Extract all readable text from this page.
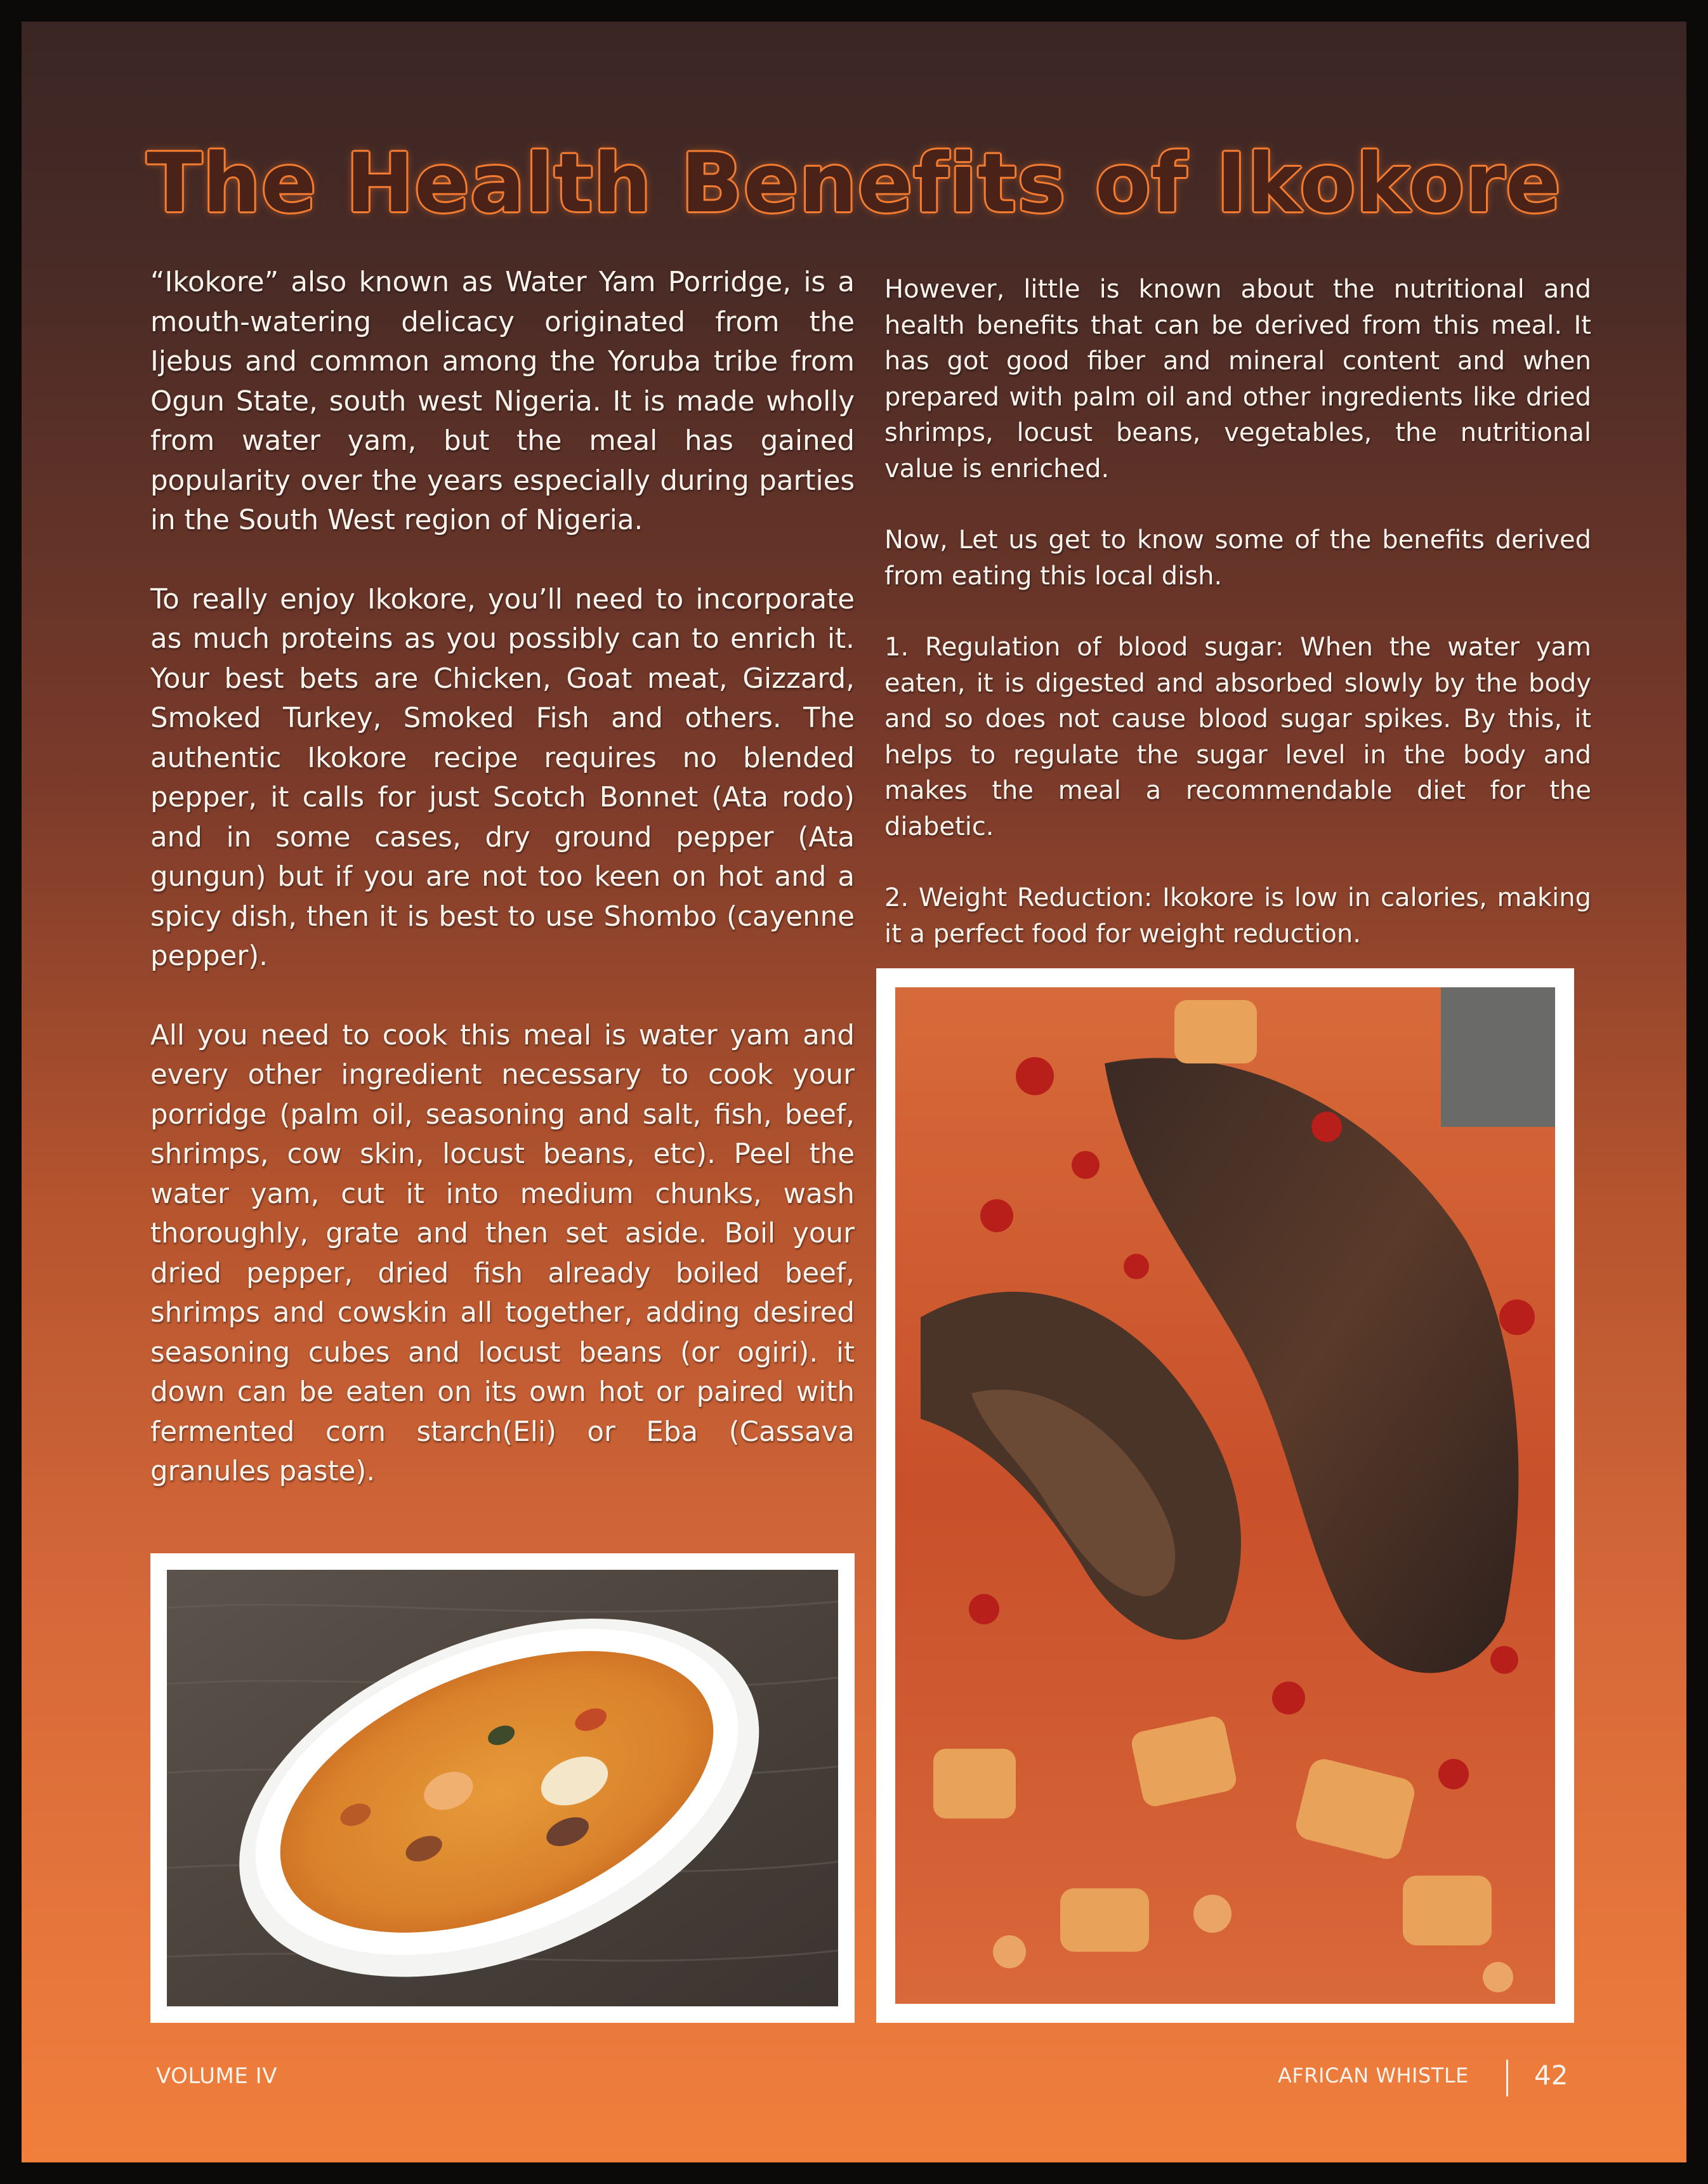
The Health Benefits of Ikokore

“Ikokore” also known as Water Yam Porridge, is a mouth-watering delicacy originated from the Ijebus and common among the Yoruba tribe from Ogun State, south west Nigeria. It is made wholly from water yam, but the meal has gained popularity over the years especially during parties in the South West region of Nigeria.

To really enjoy Ikokore, you’ll need to incorporate as much proteins as you possibly can to enrich it. Your best bets are Chicken, Goat meat, Gizzard, Smoked Turkey, Smoked Fish and others. The authentic Ikokore recipe requires no blended pepper, it calls for just Scotch Bonnet (Ata rodo) and in some cases, dry ground pepper (Ata gungun) but if you are not too keen on hot and a spicy dish, then it is best to use Shombo (cayenne pepper).

All you need to cook this meal is water yam and every other ingredient necessary to cook your porridge (palm oil, seasoning and salt, fish, beef, shrimps, cow skin, locust beans, etc). Peel the water yam, cut it into medium chunks, wash thoroughly, grate and then set aside. Boil your dried pepper, dried fish already boiled beef, shrimps and cowskin all together, adding desired seasoning cubes and locust beans (or ogiri). it down can be eaten on its own hot or paired with fermented corn starch(Eli) or Eba (Cassava granules paste).

However, little is known about the nutritional and health benefits that can be derived from this meal. It has got good fiber and mineral content and when prepared with palm oil and other ingredients like dried shrimps, locust beans, vegetables, the nutritional value is enriched.

Now, Let us get to know some of the benefits derived from eating this local dish.

1. Regulation of blood sugar: When the water yam eaten, it is digested and absorbed slowly by the body and so does not cause blood sugar spikes. By this, it helps to regulate the sugar level in the body and makes the meal a recommendable diet for the diabetic.

2. Weight Reduction: Ikokore is low in calories, making it a perfect food for weight reduction.

VOLUME IV	AFRICAN WHISTLE 42
